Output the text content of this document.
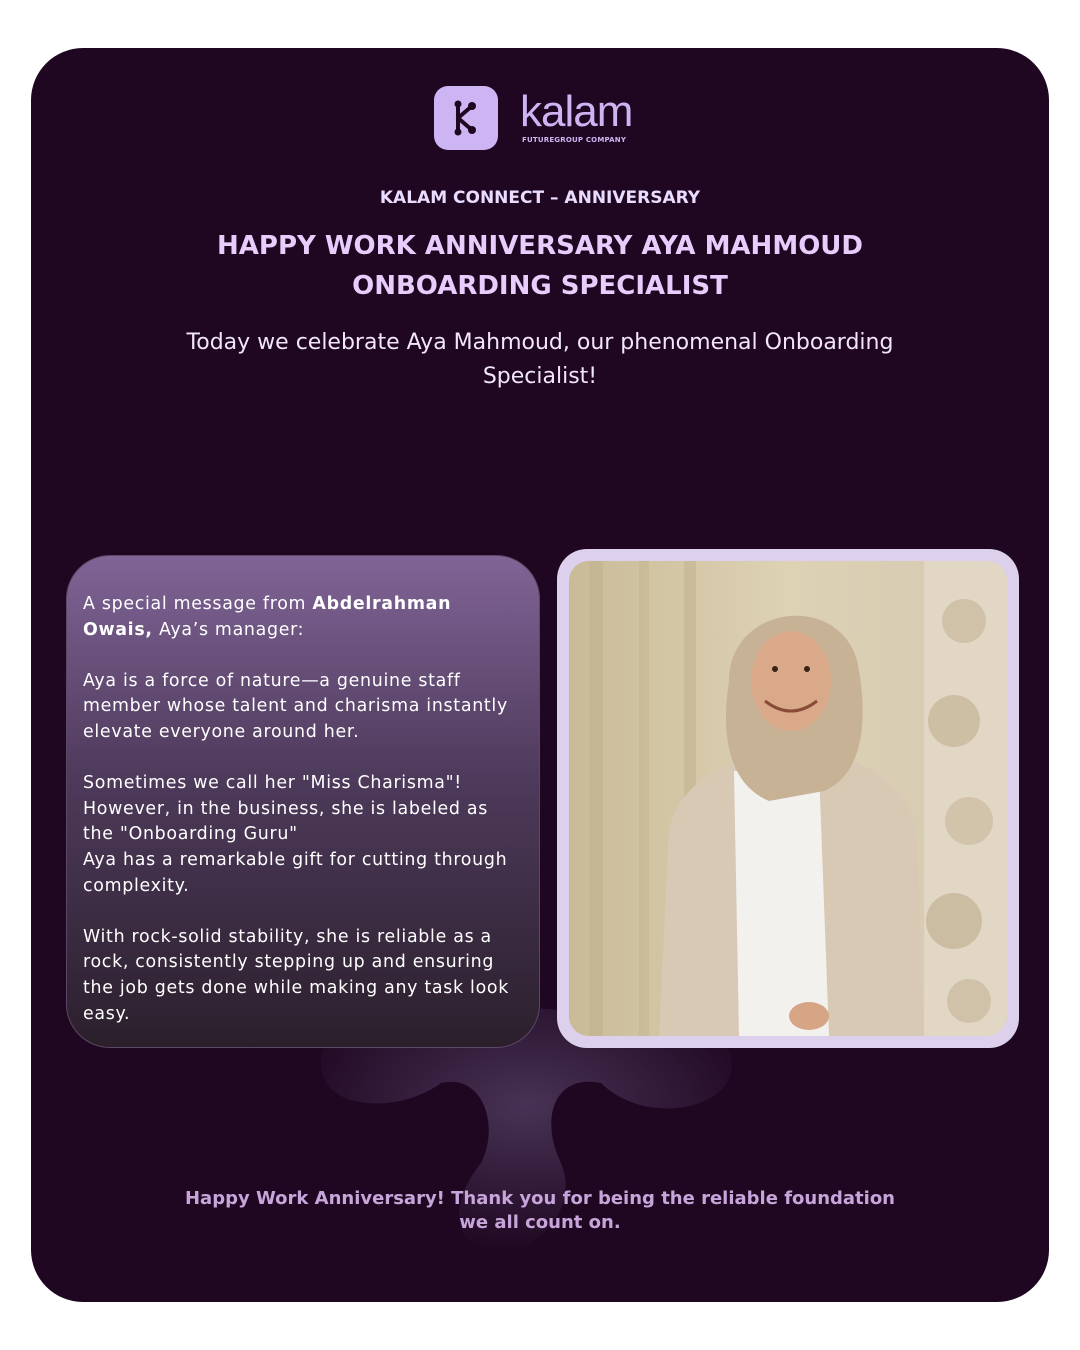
kalam
FUTUREGROUP COMPANY
KALAM CONNECT – ANNIVERSARY
HAPPY WORK ANNIVERSARY AYA MAHMOUD
ONBOARDING SPECIALIST
Today we celebrate Aya Mahmoud, our phenomenal Onboarding Specialist!

A special message from Abdelrahman Owais, Aya’s manager:

Aya is a force of nature—a genuine staff member whose talent and charisma instantly elevate everyone around her.

Sometimes we call her "Miss Charisma"! However, in the business, she is labeled as the "Onboarding Guru"

Aya has a remarkable gift for cutting through complexity.

With rock-solid stability, she is reliable as a rock, consistently stepping up and ensuring the job gets done while making any task look easy.

Happy Work Anniversary! Thank you for being the reliable foundation we all count on.
